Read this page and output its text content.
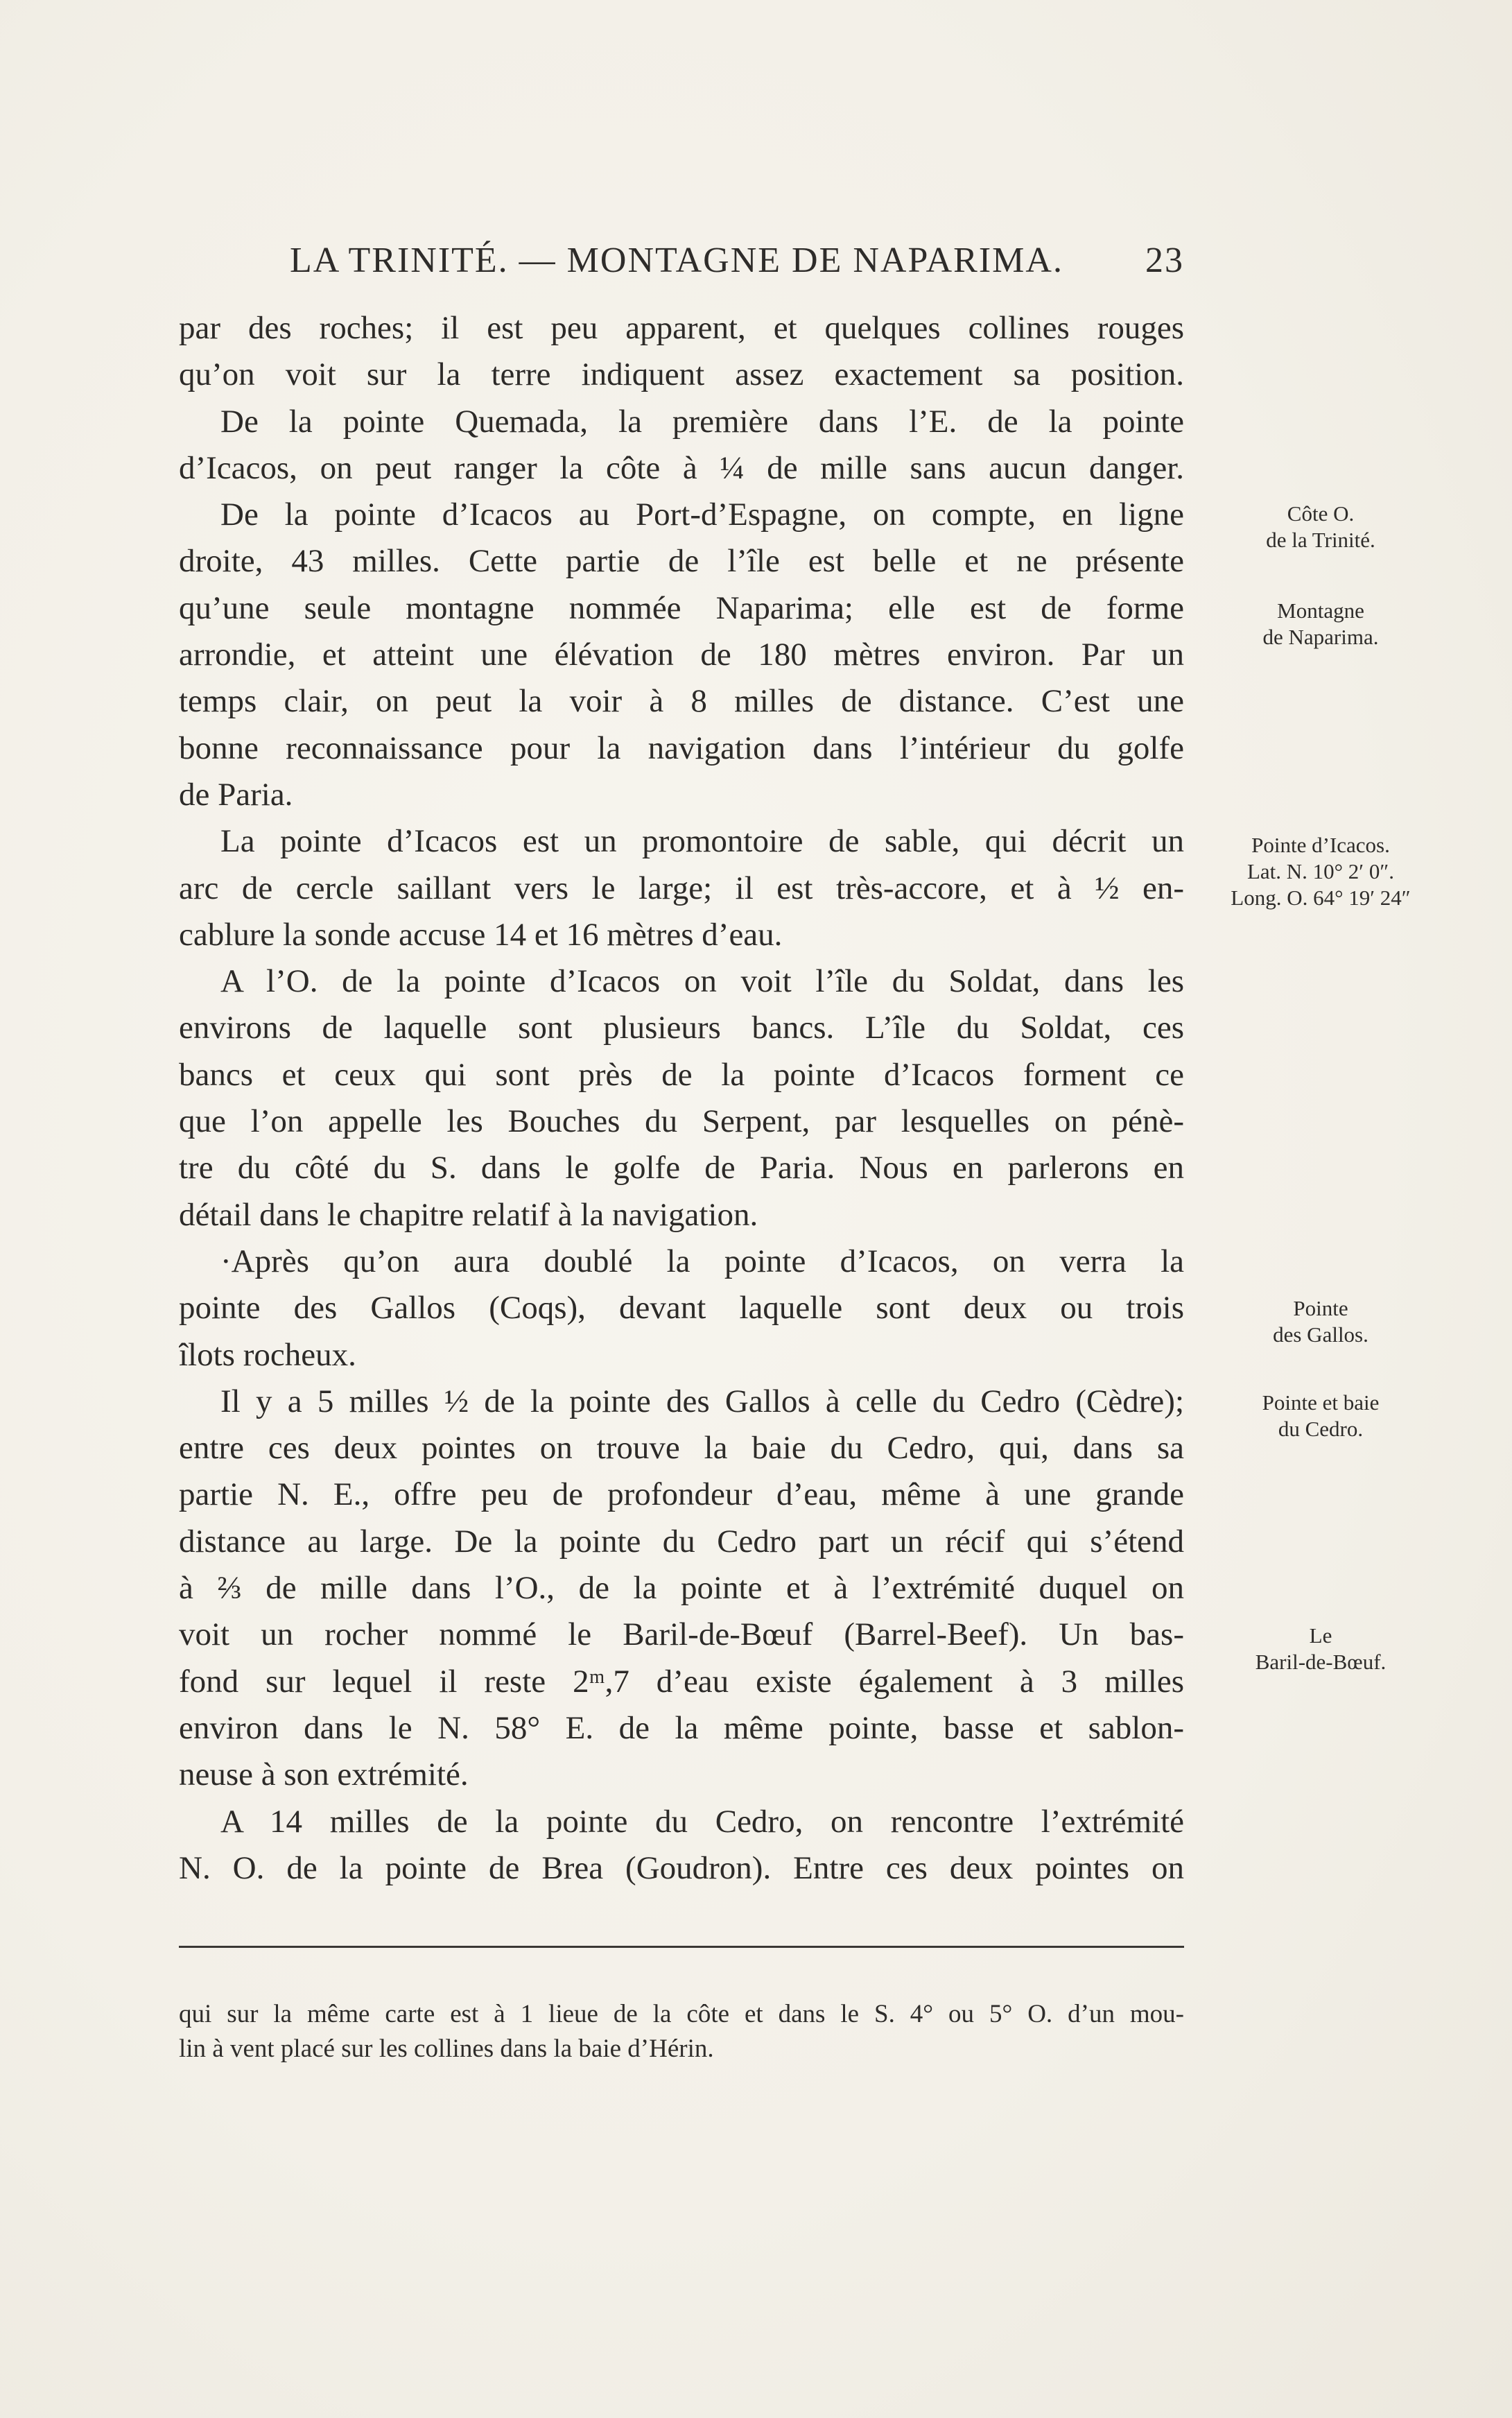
LA TRINITÉ. — MONTAGNE DE NAPARIMA. 23
par des roches; il est peu apparent, et quelques collines rouges
qu’on voit sur la terre indiquent assez exactement sa position.
De la pointe Quemada, la première dans l’E. de la pointe
d’Icacos, on peut ranger la côte à ¼ de mille sans aucun danger.
De la pointe d’Icacos au Port-d’Espagne, on compte, en ligne
droite, 43 milles. Cette partie de l’île est belle et ne présente
qu’une seule montagne nommée Naparima; elle est de forme
arrondie, et atteint une élévation de 180 mètres environ. Par un
temps clair, on peut la voir à 8 milles de distance. C’est une
bonne reconnaissance pour la navigation dans l’intérieur du golfe
de Paria.
La pointe d’Icacos est un promontoire de sable, qui décrit un
arc de cercle saillant vers le large; il est très-accore, et à ½ en-
cablure la sonde accuse 14 et 16 mètres d’eau.
A l’O. de la pointe d’Icacos on voit l’île du Soldat, dans les
environs de laquelle sont plusieurs bancs. L’île du Soldat, ces
bancs et ceux qui sont près de la pointe d’Icacos forment ce
que l’on appelle les Bouches du Serpent, par lesquelles on pénè-
tre du côté du S. dans le golfe de Paria. Nous en parlerons en
détail dans le chapitre relatif à la navigation.
·Après qu’on aura doublé la pointe d’Icacos, on verra la
pointe des Gallos (Coqs), devant laquelle sont deux ou trois
îlots rocheux.
Il y a 5 milles ½ de la pointe des Gallos à celle du Cedro (Cèdre);
entre ces deux pointes on trouve la baie du Cedro, qui, dans sa
partie N. E., offre peu de profondeur d’eau, même à une grande
distance au large. De la pointe du Cedro part un récif qui s’étend
à ⅔ de mille dans l’O., de la pointe et à l’extrémité duquel on
voit un rocher nommé le Baril-de-Bœuf (Barrel-Beef). Un bas-
fond sur lequel il reste 2ᵐ,7 d’eau existe également à 3 milles
environ dans le N. 58° E. de la même pointe, basse et sablon-
neuse à son extrémité.
A 14 milles de la pointe du Cedro, on rencontre l’extrémité
N. O. de la pointe de Brea (Goudron). Entre ces deux pointes on
Côte O.
de la Trinité.
Montagne
de Naparima.
Pointe d’Icacos.
Lat. N. 10° 2′ 0″.
Long. O. 64° 19′ 24″
Pointe
des Gallos.
Pointe et baie
du Cedro.
Le
Baril-de-Bœuf.
qui sur la même carte est à 1 lieue de la côte et dans le S. 4° ou 5° O. d’un mou-
lin à vent placé sur les collines dans la baie d’Hérin.
